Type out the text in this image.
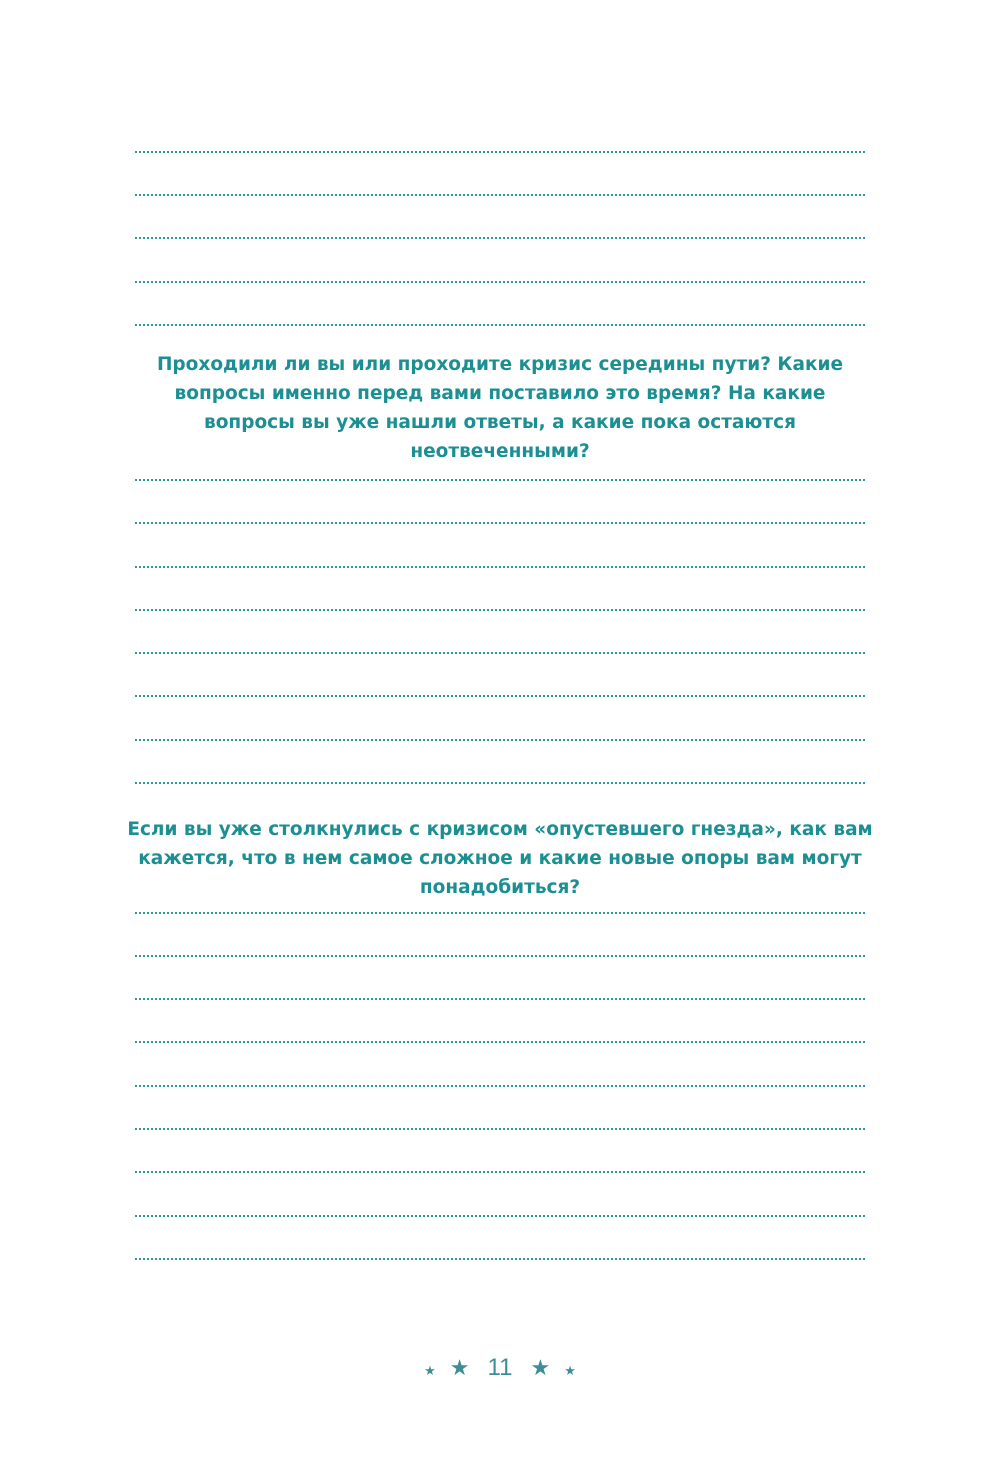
Проходили ли вы или проходите кризис середины пути? Какие вопросы именно перед вами поставило это время? На какие вопросы вы уже нашли ответы, а какие пока остаются неотвеченными?

Если вы уже столкнулись с кризисом «опустевшего гнезда», как вам кажется, что в нем самое сложное и какие новые опоры вам могут понадобиться?

★ ★ 11 ★ ★
